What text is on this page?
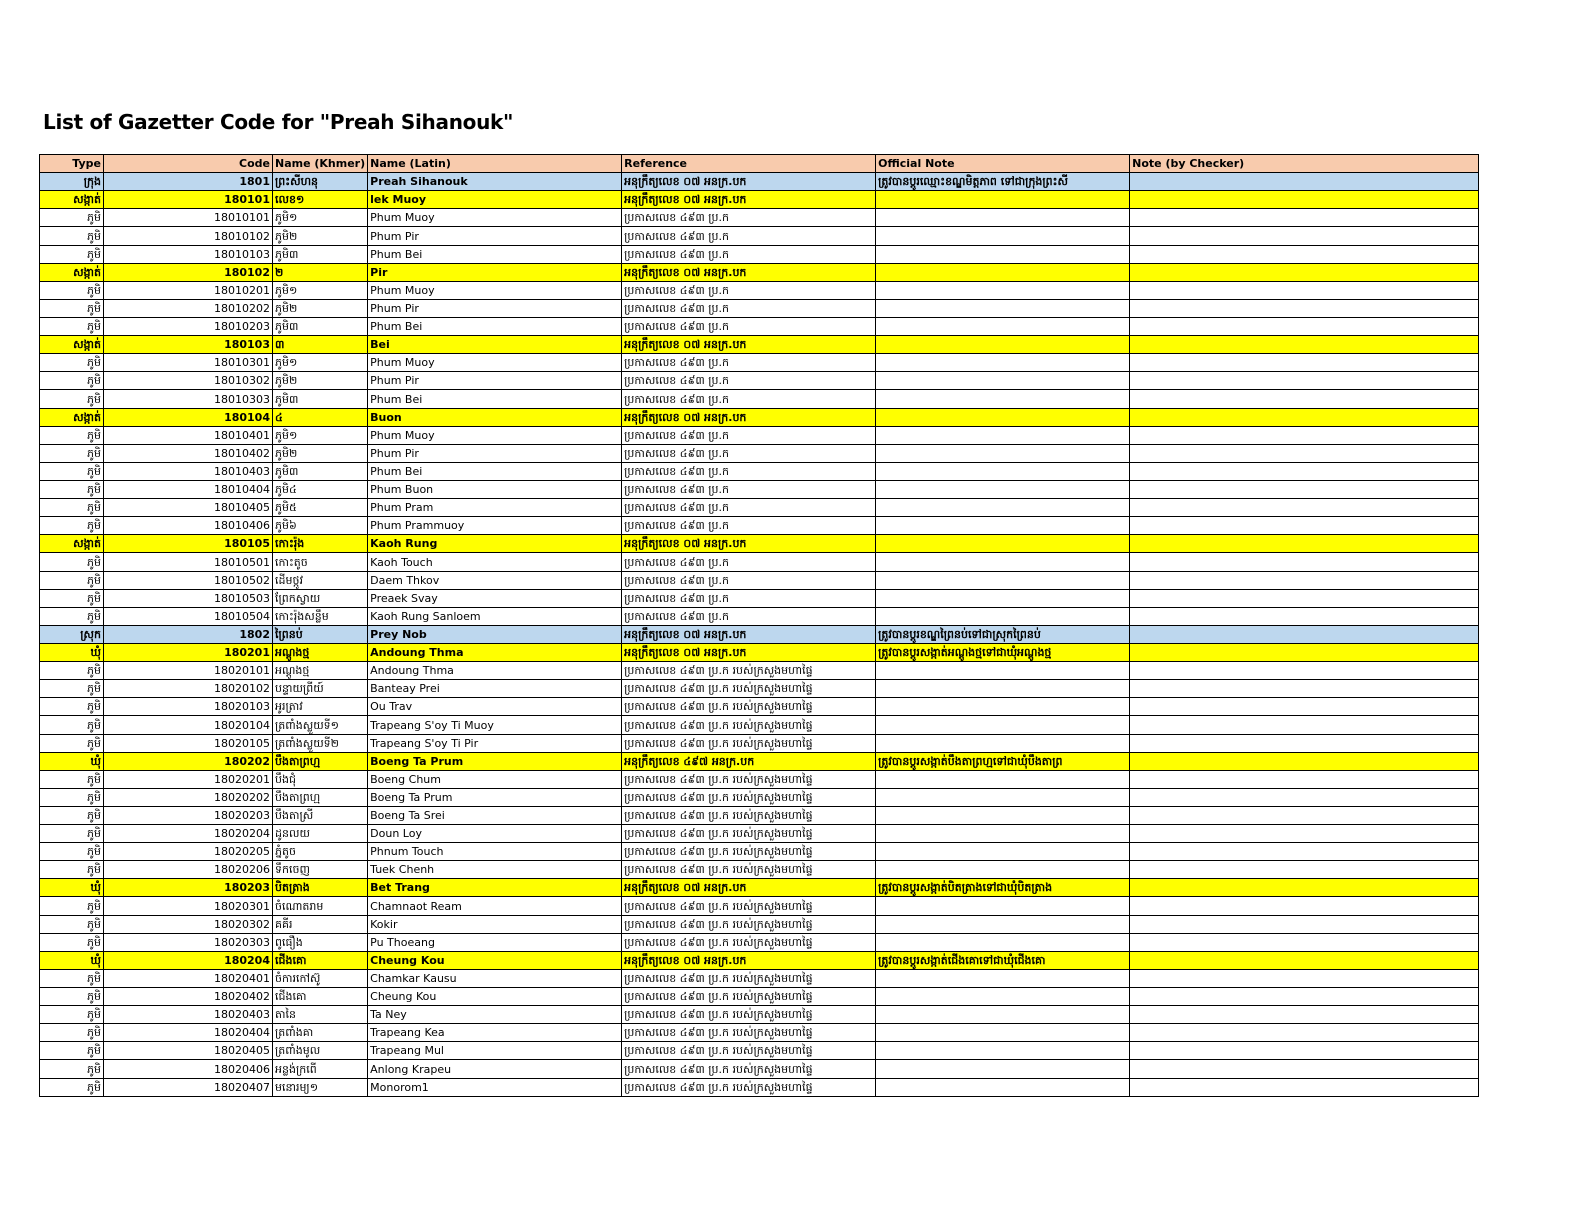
List of Gazetter Code for "Preah Sihanouk"
Type	Code	Name (Khmer)	Name (Latin)	Reference	Official Note	Note (by Checker)
ក្រុង	1801	ព្រះសីហនុ	Preah Sihanouk	អនុក្រឹត្យលេខ ០៧ អនក្រ.បក	ត្រូវបានប្តូរឈ្មោះខណ្ឌមិត្តភាព ទៅជាក្រុងព្រះសី	
សង្កាត់	180101	លេខ១	lek Muoy	អនុក្រឹត្យលេខ ០៧ អនក្រ.បក		
ភូមិ	18010101	ភូមិ១	Phum Muoy	ប្រកាសលេខ ៤៩៣ ប្រ.ក		
ភូមិ	18010102	ភូមិ២	Phum Pir	ប្រកាសលេខ ៤៩៣ ប្រ.ក		
ភូមិ	18010103	ភូមិ៣	Phum Bei	ប្រកាសលេខ ៤៩៣ ប្រ.ក		
សង្កាត់	180102	២	Pir	អនុក្រឹត្យលេខ ០៧ អនក្រ.បក		
ភូមិ	18010201	ភូមិ១	Phum Muoy	ប្រកាសលេខ ៤៩៣ ប្រ.ក		
ភូមិ	18010202	ភូមិ២	Phum Pir	ប្រកាសលេខ ៤៩៣ ប្រ.ក		
ភូមិ	18010203	ភូមិ៣	Phum Bei	ប្រកាសលេខ ៤៩៣ ប្រ.ក		
សង្កាត់	180103	៣	Bei	អនុក្រឹត្យលេខ ០៧ អនក្រ.បក		
ភូមិ	18010301	ភូមិ១	Phum Muoy	ប្រកាសលេខ ៤៩៣ ប្រ.ក		
ភូមិ	18010302	ភូមិ២	Phum Pir	ប្រកាសលេខ ៤៩៣ ប្រ.ក		
ភូមិ	18010303	ភូមិ៣	Phum Bei	ប្រកាសលេខ ៤៩៣ ប្រ.ក		
សង្កាត់	180104	៤	Buon	អនុក្រឹត្យលេខ ០៧ អនក្រ.បក		
ភូមិ	18010401	ភូមិ១	Phum Muoy	ប្រកាសលេខ ៤៩៣ ប្រ.ក		
ភូមិ	18010402	ភូមិ២	Phum Pir	ប្រកាសលេខ ៤៩៣ ប្រ.ក		
ភូមិ	18010403	ភូមិ៣	Phum Bei	ប្រកាសលេខ ៤៩៣ ប្រ.ក		
ភូមិ	18010404	ភូមិ៤	Phum Buon	ប្រកាសលេខ ៤៩៣ ប្រ.ក		
ភូមិ	18010405	ភូមិ៥	Phum Pram	ប្រកាសលេខ ៤៩៣ ប្រ.ក		
ភូមិ	18010406	ភូមិ៦	Phum Prammuoy	ប្រកាសលេខ ៤៩៣ ប្រ.ក		
សង្កាត់	180105	កោះរ៉ុង	Kaoh Rung	អនុក្រឹត្យលេខ ០៧ អនក្រ.បក		
ភូមិ	18010501	កោះតូច	Kaoh Touch	ប្រកាសលេខ ៤៩៣ ប្រ.ក		
ភូមិ	18010502	ដើមថ្កូវ	Daem Thkov	ប្រកាសលេខ ៤៩៣ ប្រ.ក		
ភូមិ	18010503	ព្រែកស្វាយ	Preaek Svay	ប្រកាសលេខ ៤៩៣ ប្រ.ក		
ភូមិ	18010504	កោះរ៉ុងសន្លឹម	Kaoh Rung Sanloem	ប្រកាសលេខ ៤៩៣ ប្រ.ក		
ស្រុក	1802	ព្រៃនប់	Prey Nob	អនុក្រឹត្យលេខ ០៧ អនក្រ.បក	ត្រូវបានប្តូរខណ្ឌព្រៃនប់ទៅជាស្រុកព្រៃនប់	
ឃុំ	180201	អណ្តូងថ្ម	Andoung Thma	អនុក្រឹត្យលេខ ០៧ អនក្រ.បក	ត្រូវបានប្តូរសង្កាត់អណ្តូងថ្មទៅជាឃុំអណ្តូងថ្ម	
ភូមិ	18020101	អណ្តូងថ្ម	Andoung Thma	ប្រកាសលេខ ៤៩៣ ប្រ.ក របស់ក្រសួងមហាផ្ទៃ		
ភូមិ	18020102	បន្ទាយព្រីយ៍	Banteay Prei	ប្រកាសលេខ ៤៩៣ ប្រ.ក របស់ក្រសួងមហាផ្ទៃ		
ភូមិ	18020103	អូរត្រាវ	Ou Trav	ប្រកាសលេខ ៤៩៣ ប្រ.ក របស់ក្រសួងមហាផ្ទៃ		
ភូមិ	18020104	ត្រពាំងស្លួយទី១	Trapeang S'oy Ti Muoy	ប្រកាសលេខ ៤៩៣ ប្រ.ក របស់ក្រសួងមហាផ្ទៃ		
ភូមិ	18020105	ត្រពាំងស្លួយទី២	Trapeang S'oy Ti Pir	ប្រកាសលេខ ៤៩៣ ប្រ.ក របស់ក្រសួងមហាផ្ទៃ		
ឃុំ	180202	បឹងតាព្រហ្ម	Boeng Ta Prum	អនុក្រឹត្យលេខ ៤៩៧ អនក្រ.បក	ត្រូវបានប្តូរសង្កាត់បឹងតាព្រហ្មទៅជាឃុំបឹងតាព្រ	
ភូមិ	18020201	បឹងជុំ	Boeng Chum	ប្រកាសលេខ ៤៩៣ ប្រ.ក របស់ក្រសួងមហាផ្ទៃ		
ភូមិ	18020202	បឹងតាព្រហ្ម	Boeng Ta Prum	ប្រកាសលេខ ៤៩៣ ប្រ.ក របស់ក្រសួងមហាផ្ទៃ		
ភូមិ	18020203	បឹងតាស្រី	Boeng Ta Srei	ប្រកាសលេខ ៤៩៣ ប្រ.ក របស់ក្រសួងមហាផ្ទៃ		
ភូមិ	18020204	ដូនលយ	Doun Loy	ប្រកាសលេខ ៤៩៣ ប្រ.ក របស់ក្រសួងមហាផ្ទៃ		
ភូមិ	18020205	ភ្នំតូច	Phnum Touch	ប្រកាសលេខ ៤៩៣ ប្រ.ក របស់ក្រសួងមហាផ្ទៃ		
ភូមិ	18020206	ទឹកចេញ	Tuek Chenh	ប្រកាសលេខ ៤៩៣ ប្រ.ក របស់ក្រសួងមហាផ្ទៃ		
ឃុំ	180203	បិតត្រាង	Bet Trang	អនុក្រឹត្យលេខ ០៧ អនក្រ.បក	ត្រូវបានប្តូរសង្កាត់បិតត្រាងទៅជាឃុំបិតត្រាង	
ភូមិ	18020301	ចំណោតរាម	Chamnaot Ream	ប្រកាសលេខ ៤៩៣ ប្រ.ក របស់ក្រសួងមហាផ្ទៃ		
ភូមិ	18020302	គគីរ	Kokir	ប្រកាសលេខ ៤៩៣ ប្រ.ក របស់ក្រសួងមហាផ្ទៃ		
ភូមិ	18020303	ពូធឿង	Pu Thoeang	ប្រកាសលេខ ៤៩៣ ប្រ.ក របស់ក្រសួងមហាផ្ទៃ		
ឃុំ	180204	ជើងគោ	Cheung Kou	អនុក្រឹត្យលេខ ០៧ អនក្រ.បក	ត្រូវបានប្តូរសង្កាត់ជើងគោទៅជាឃុំជើងគោ	
ភូមិ	18020401	ចំការកៅស៊ូ	Chamkar Kausu	ប្រកាសលេខ ៤៩៣ ប្រ.ក របស់ក្រសួងមហាផ្ទៃ		
ភូមិ	18020402	ជើងគោ	Cheung Kou	ប្រកាសលេខ ៤៩៣ ប្រ.ក របស់ក្រសួងមហាផ្ទៃ		
ភូមិ	18020403	តានៃ	Ta Ney	ប្រកាសលេខ ៤៩៣ ប្រ.ក របស់ក្រសួងមហាផ្ទៃ		
ភូមិ	18020404	ត្រពាំងគា	Trapeang Kea	ប្រកាសលេខ ៤៩៣ ប្រ.ក របស់ក្រសួងមហាផ្ទៃ		
ភូមិ	18020405	ត្រពាំងមូល	Trapeang Mul	ប្រកាសលេខ ៤៩៣ ប្រ.ក របស់ក្រសួងមហាផ្ទៃ		
ភូមិ	18020406	អន្លង់ក្រពើ	Anlong Krapeu	ប្រកាសលេខ ៤៩៣ ប្រ.ក របស់ក្រសួងមហាផ្ទៃ		
ភូមិ	18020407	មនោរម្យ១	Monorom1	ប្រកាសលេខ ៤៩៣ ប្រ.ក របស់ក្រសួងមហាផ្ទៃ		
